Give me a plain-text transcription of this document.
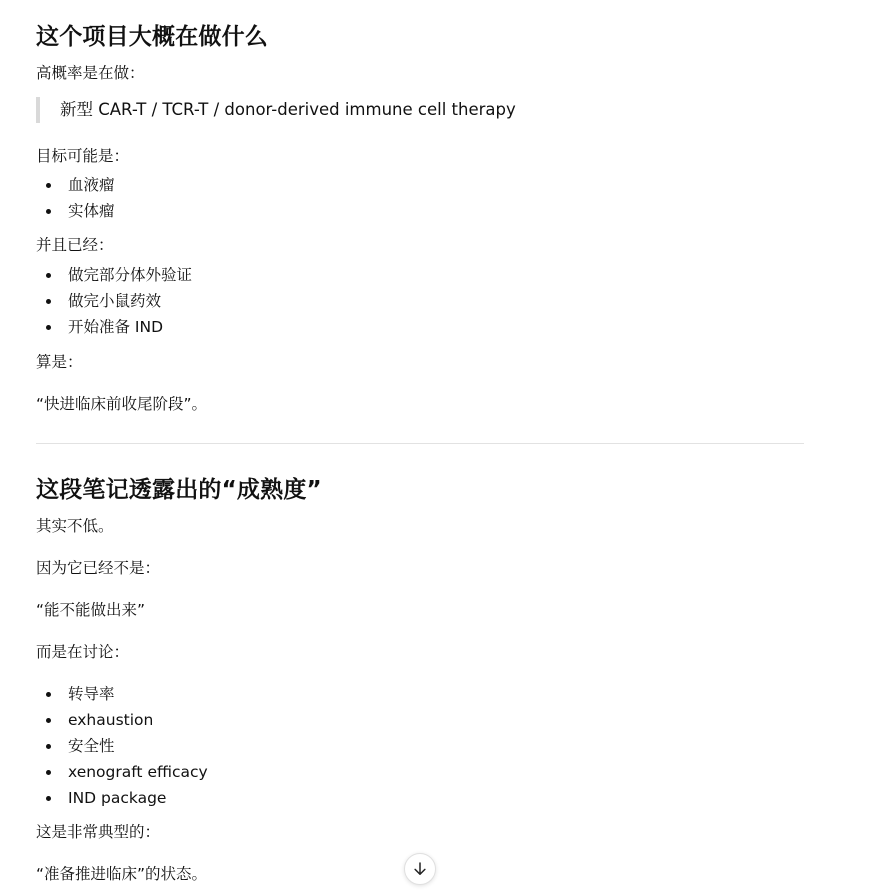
这个项目大概在做什么

高概率是在做：

新型 CAR-T / TCR-T / donor-derived immune cell therapy

目标可能是：

血液瘤
实体瘤

并且已经：

做完部分体外验证
做完小鼠药效
开始准备 IND

算是：

“快进临床前收尾阶段”。

这段笔记透露出的“成熟度”

其实不低。

因为它已经不是：

“能不能做出来”

而是在讨论：

转导率
exhaustion
安全性
xenograft efficacy
IND package

这是非常典型的：

“准备推进临床”的状态。
